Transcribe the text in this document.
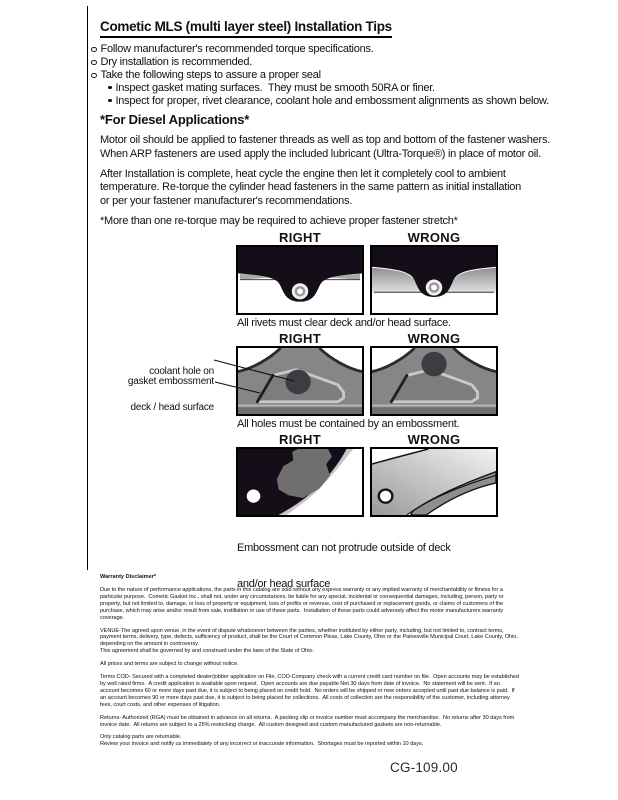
Cometic MLS (multi layer steel) Installation Tips
Follow manufacturer's recommended torque specifications.
Dry installation is recommended.
Take the following steps to assure a proper seal
Inspect gasket mating surfaces.  They must be smooth 50RA or finer.
Inspect for proper, rivet clearance, coolant hole and embossment alignments as shown below.
*For Diesel Applications*
Motor oil should be applied to fastener threads as well as top and bottom of the fastener washers.
When ARP fasteners are used apply the included lubricant (Ultra-Torque®) in place of motor oil.
After Installation is complete, heat cycle the engine then let it completely cool to ambient
temperature. Re-torque the cylinder head fasteners in the same pattern as initial installation
or per your fastener manufacturer's recommendations.
*More than one re-torque may be required to achieve proper fastener stretch*
RIGHT	WRONG
All rivets must clear deck and/or head surface.
RIGHT	WRONG

coolant hole on

deck / head surface

gasket embossment
All holes must be contained by an embossment.
RIGHT	WRONG

Embossment can not protrude outside of deck

and/or head surface

Warranty Disclaimer*
Due to the nature of performance applications, the parts in this catalog are sold without any express warranty or any implied warranty of merchantability or fitness for a particular purpose.  Cometic Gasket Inc., shall not, under any circumstances, be liable for any special, incidental or consequential damages, including, person, party or property, but not limited to, damage, or loss of property or equipment, loss of profits or revenue, cost of purchased or replacement goods, or claims of customers of the purchase, which may arise and/or result from sale, instillation or use of these parts.  Installation of these parts could adversely affect the motor manufacturers warranty coverage.
VENUE-The agreed upon venue, in the event of dispute whatsoever between the parties, whether instituted by either party, including, but not limited to, contract terms, payment terms, delivery, type, defects, sufficiency of product, shall be the Court of Common Pleas, Lake County, Ohio or the Painesville Municipal Court, Lake County, Ohio, depending on the amount in controversy.
This agreement shall be governed by and construed under the laws of the State of Ohio.
All prices and terms are subject to change without notice.
Terms COD- Secured with a completed dealer/jobber application on File, COD-Company check with a current credit card number on file.  Open accounts may be established by well rated firms.  A credit application is available upon request.  Open accounts are due payable Net 30 days from date of invoice.  No statement will be sent.  If an account becomes 60 or more days past due, it is subject to being placed on credit hold.  No orders will be shipped or new orders accepted until past due balance is paid.  If an account becomes 90 or more days past due, it is subject to being placed for collections.  All costs of collection are the responsibility of the customer, including attorney fees, court costs, and other expenses of litigation.
Returns- Authorized (RGA) must be obtained in advance on all returns.  A packing slip or invoice number must accompany the merchandise.  No returns after 30 days from invoice date.  All returns are subject to a 25% restocking charge.  All custom designed and custom manufactured gaskets are non-returnable.
Only catalog parts are returnable.
Review your invoice and notify us immediately of any incorrect or inaccurate information.  Shortages must be reported within 10 days.
CG-109.00
